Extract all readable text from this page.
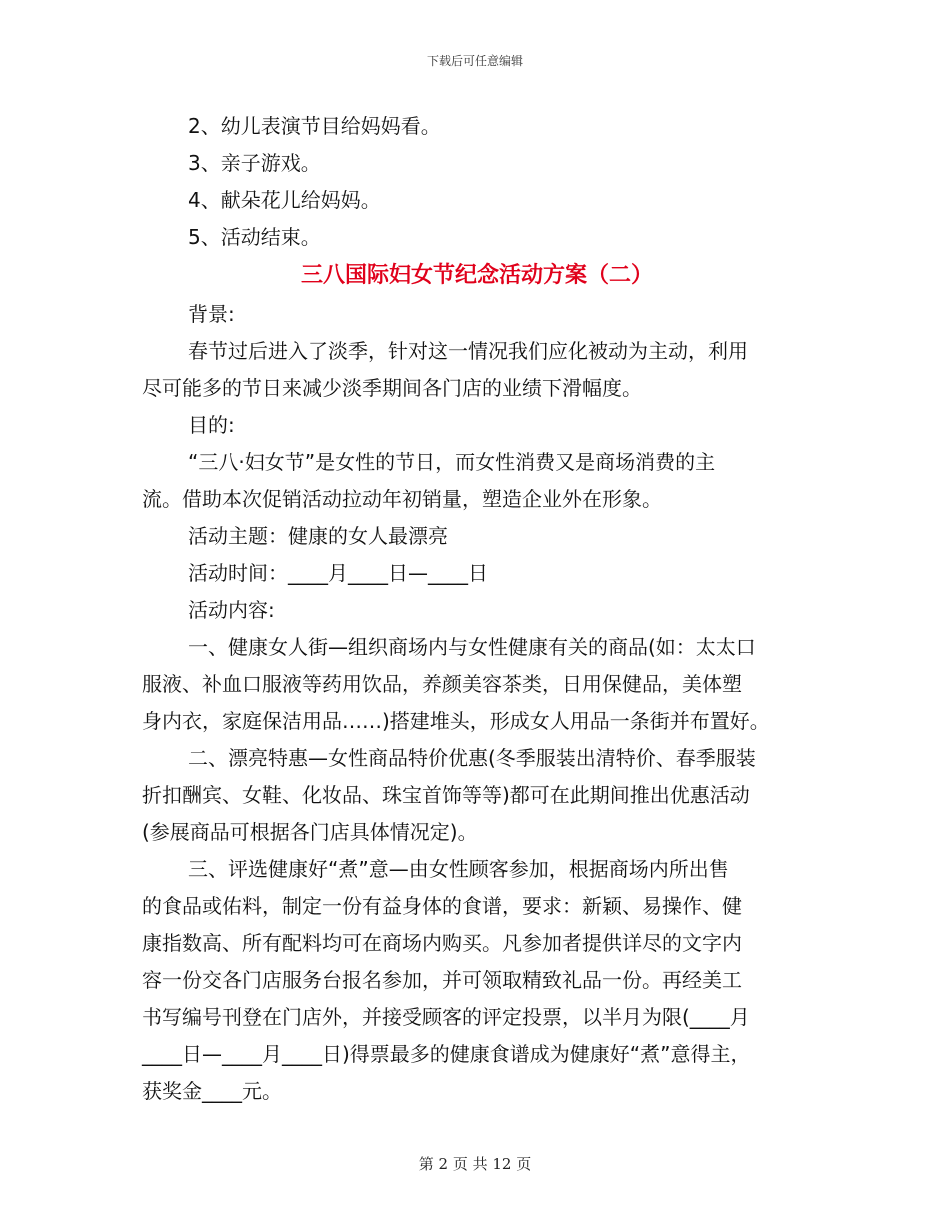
下载后可任意编辑
2、幼儿表演节目给妈妈看。
3、亲子游戏。
4、献朵花儿给妈妈。
5、活动结束。
三八国际妇女节纪念活动方案（二）
背景:
春节过后进入了淡季，针对这一情况我们应化被动为主动，利用
尽可能多的节日来减少淡季期间各门店的业绩下滑幅度。
目的:
“三八·妇女节”是女性的节日，而女性消费又是商场消费的主
流。借助本次促销活动拉动年初销量，塑造企业外在形象。
活动主题：健康的女人最漂亮
活动时间：____月____日—____日
活动内容:
一、健康女人街—组织商场内与女性健康有关的商品(如：太太口
服液、补血口服液等药用饮品，养颜美容茶类，日用保健品，美体塑
身内衣，家庭保洁用品……)搭建堆头，形成女人用品一条街并布置好。
二、漂亮特惠—女性商品特价优惠(冬季服装出清特价、春季服装
折扣酬宾、女鞋、化妆品、珠宝首饰等等)都可在此期间推出优惠活动
(参展商品可根据各门店具体情况定)。
三、评选健康好“煮”意—由女性顾客参加，根据商场内所出售
的食品或佑料，制定一份有益身体的食谱，要求：新颖、易操作、健
康指数高、所有配料均可在商场内购买。凡参加者提供详尽的文字内
容一份交各门店服务台报名参加，并可领取精致礼品一份。再经美工
书写编号刊登在门店外，并接受顾客的评定投票，以半月为限(____月
____日—____月____日)得票最多的健康食谱成为健康好“煮”意得主，
获奖金____元。
第 2 页 共 12 页
